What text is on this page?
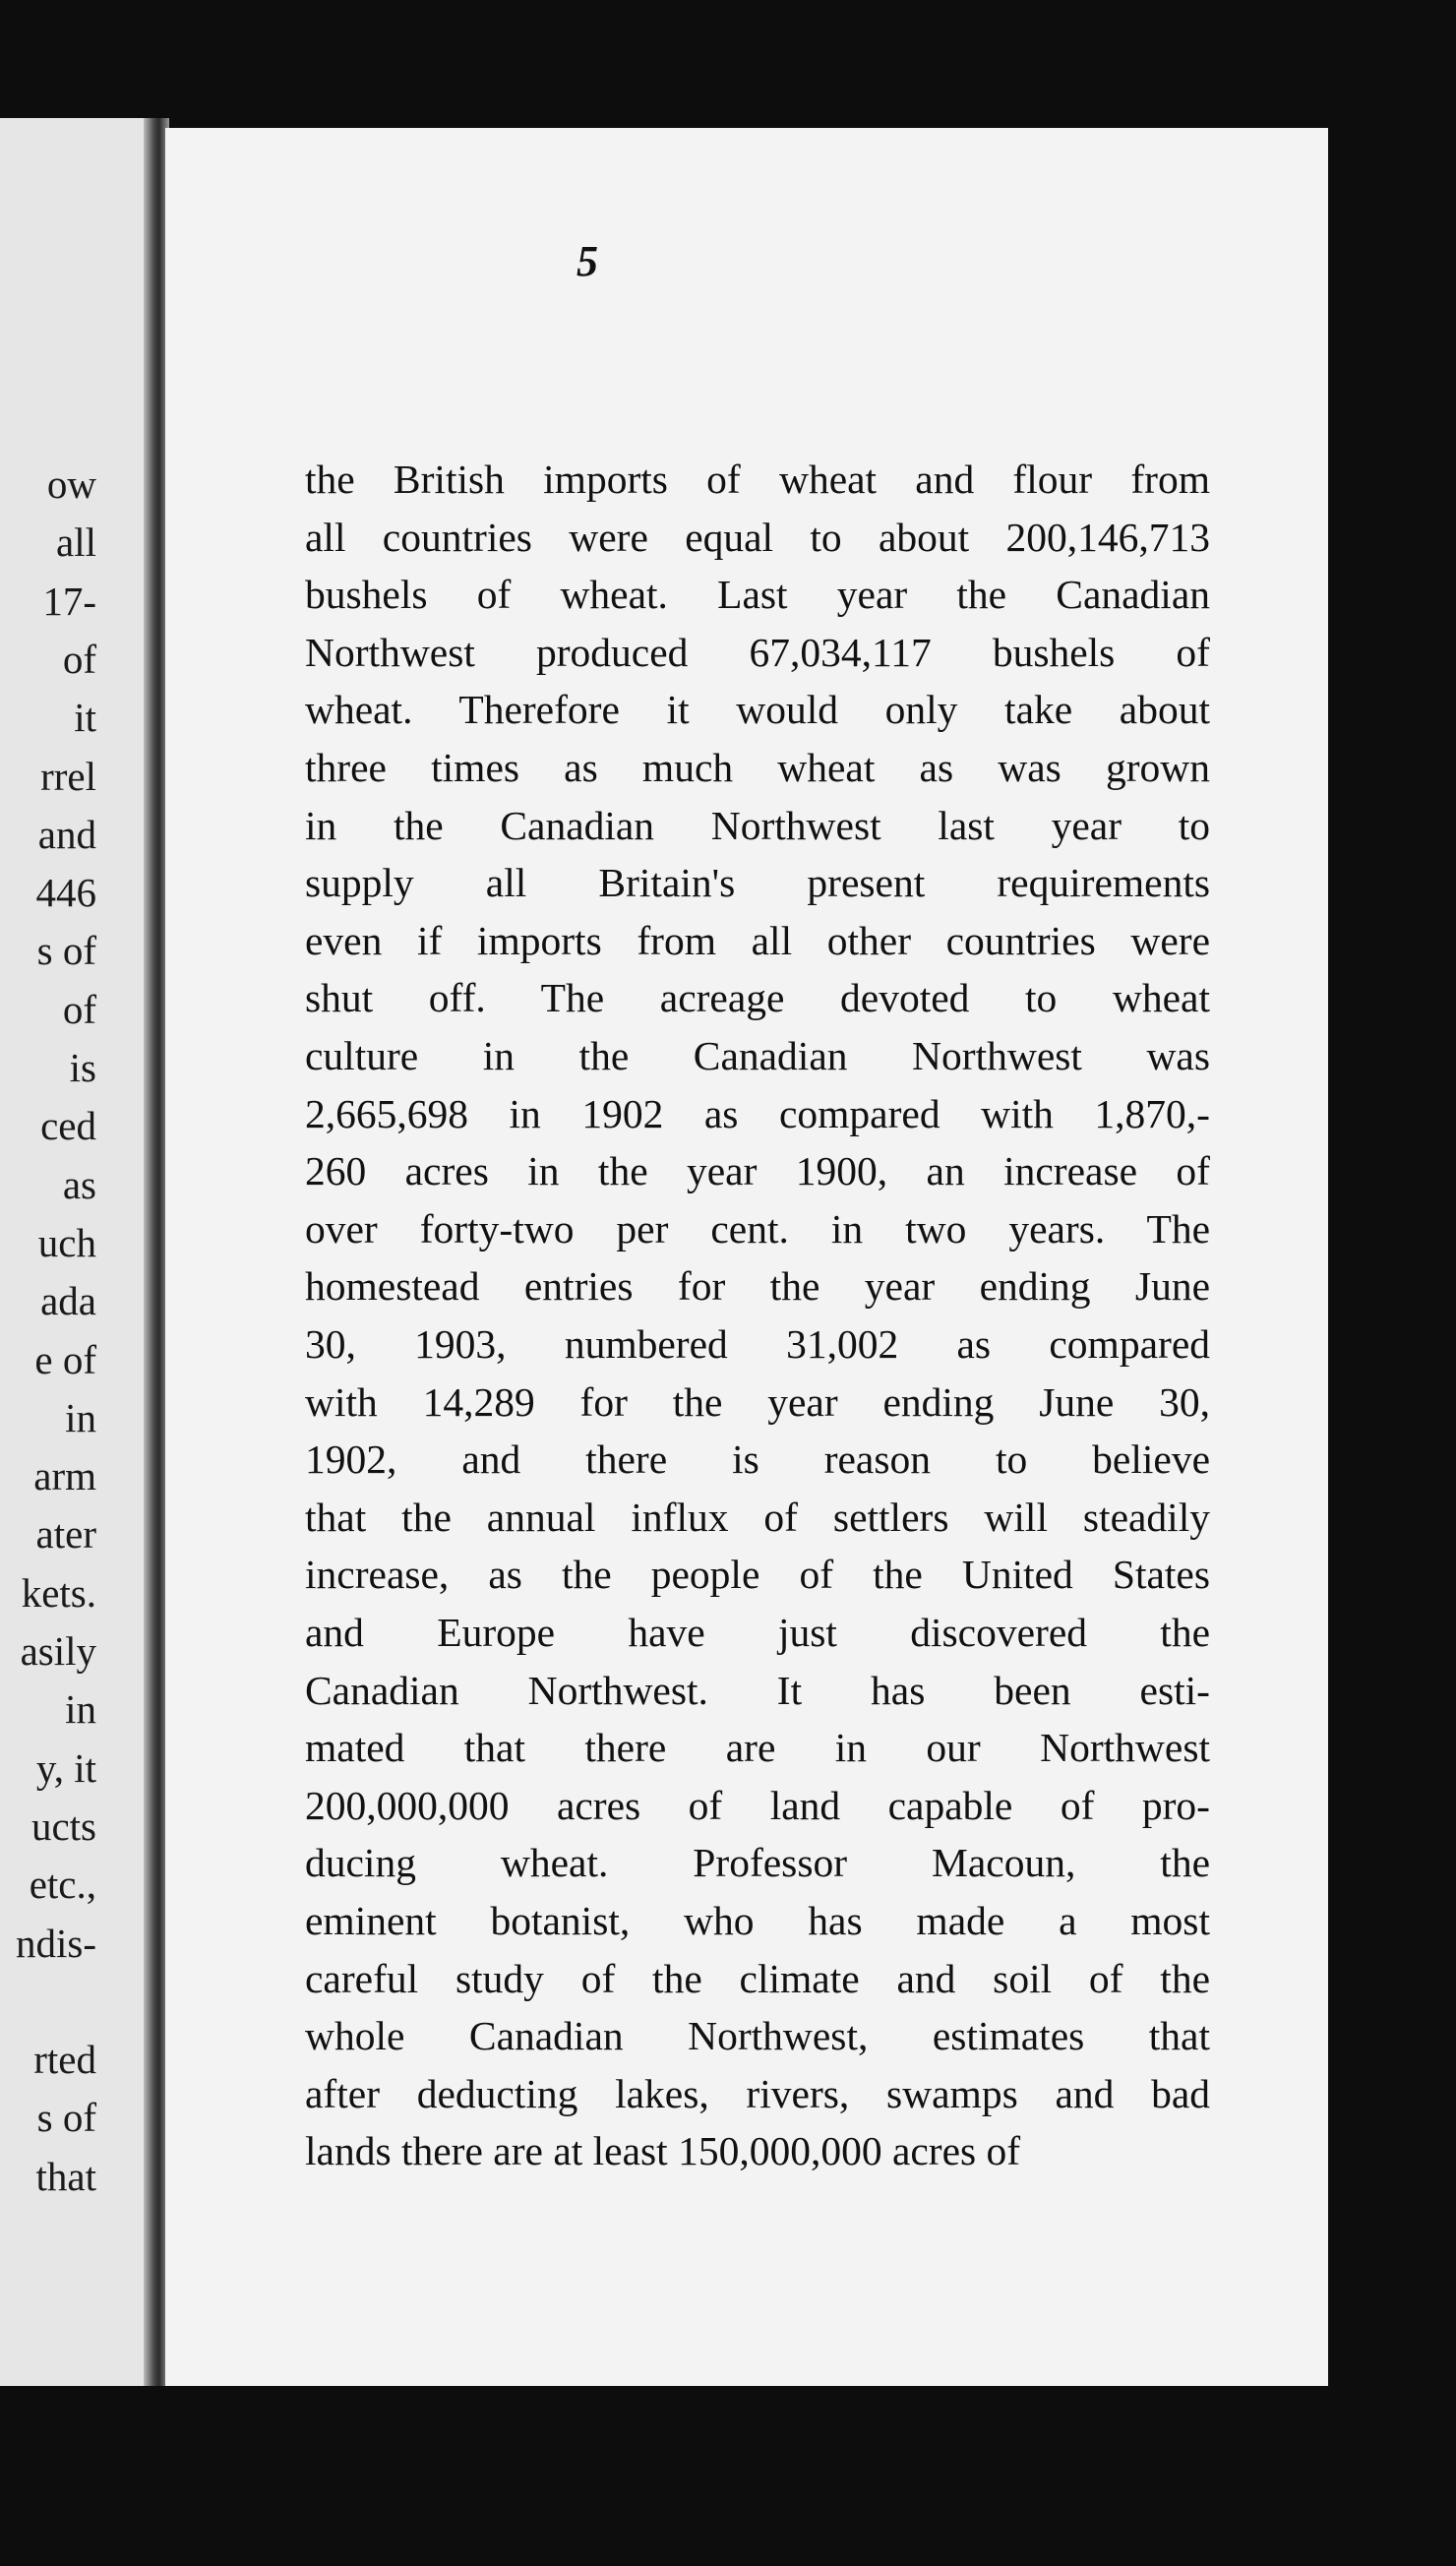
ow
all
17-
of
it
rrel
and
446
s of
of
is
ced
as
uch
ada
e of
in
arm
ater
kets.
asily
in
y, it
ucts
etc.,
ndis-
rted
s of
that
5
the British imports of wheat and flour from
all countries were equal to about 200,146,713
bushels of wheat. Last year the Canadian
Northwest produced 67,034,117 bushels of
wheat. Therefore it would only take about
three times as much wheat as was grown
in the Canadian Northwest last year to
supply all Britain's present requirements
even if imports from all other countries were
shut off. The acreage devoted to wheat
culture in the Canadian Northwest was
2,665,698 in 1902 as compared with 1,870,-
260 acres in the year 1900, an increase of
over forty-two per cent. in two years. The
homestead entries for the year ending June
30, 1903, numbered 31,002 as compared
with 14,289 for the year ending June 30,
1902, and there is reason to believe
that the annual influx of settlers will steadily
increase, as the people of the United States
and Europe have just discovered the
Canadian Northwest. It has been esti-
mated that there are in our Northwest
200,000,000 acres of land capable of pro-
ducing wheat. Professor Macoun, the
eminent botanist, who has made a most
careful study of the climate and soil of the
whole Canadian Northwest, estimates that
after deducting lakes, rivers, swamps and bad
lands there are at least 150,000,000 acres of
